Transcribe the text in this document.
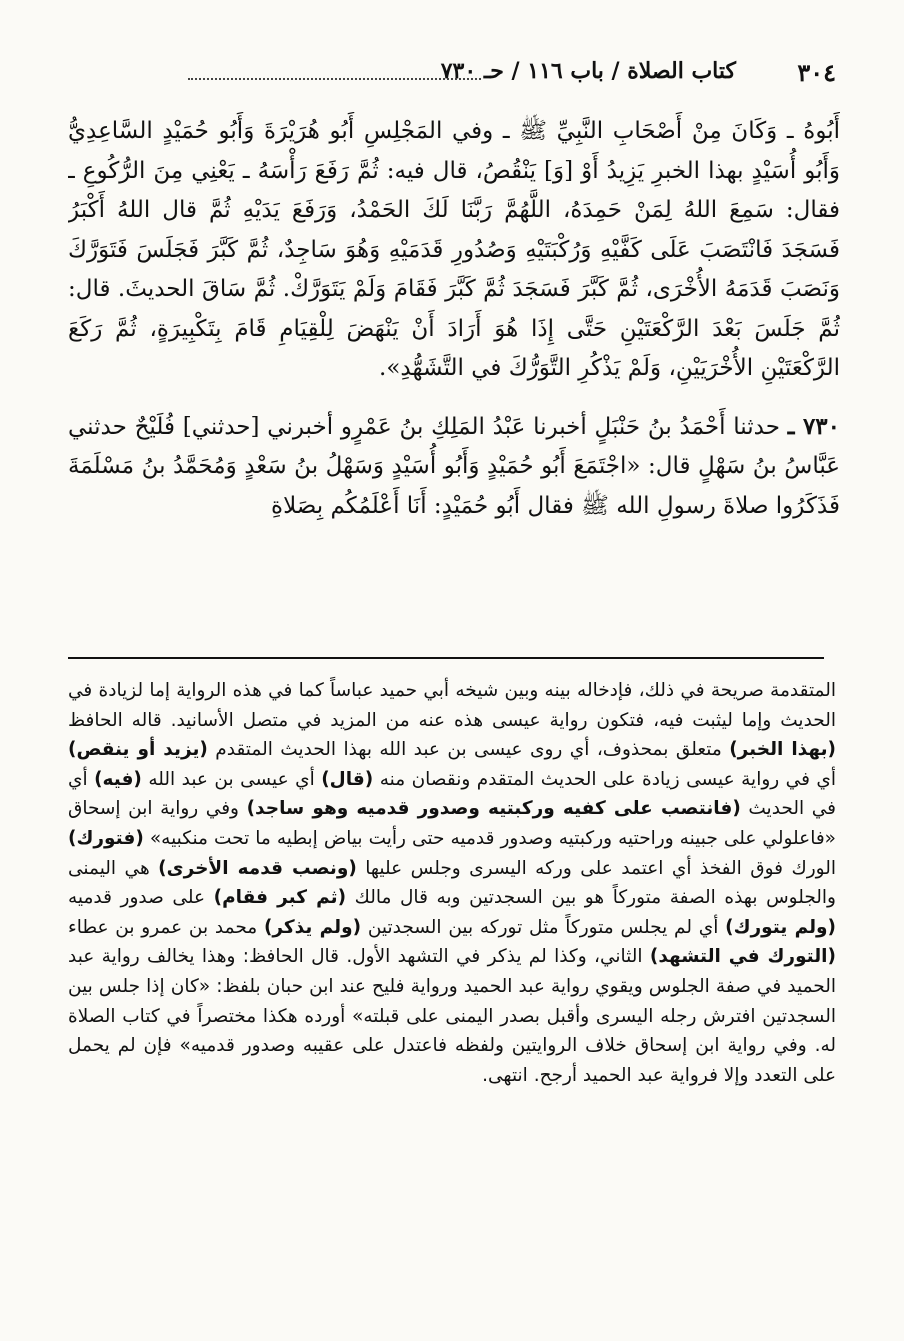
٣٠٤
كتاب الصلاة / باب ١١٦ / حـ ٧٣٠

أَبُوهُ ـ وَكَانَ مِنْ أَصْحَابِ النَّبِيِّ ﷺ ـ وفي المَجْلِسِ أَبُو هُرَيْرَةَ وَأَبُو حُمَيْدٍ السَّاعِدِيُّ وَأَبُو أُسَيْدٍ بهذا الخبرِ يَزِيدُ أَوْ [وَ] يَنْقُصُ، قال فيه: ثُمَّ رَفَعَ رَأْسَهُ ـ يَعْنِي مِنَ الرُّكُوعِ ـ فقال: سَمِعَ اللهُ لِمَنْ حَمِدَهُ، اللَّهُمَّ رَبَّنَا لَكَ الحَمْدُ، وَرَفَعَ يَدَيْهِ ثُمَّ قال اللهُ أَكْبَرُ فَسَجَدَ فَانْتَصَبَ عَلَى كَفَّيْهِ وَرُكْبَتَيْهِ وَصُدُورِ قَدَمَيْهِ وَهُوَ سَاجِدٌ، ثُمَّ كَبَّرَ فَجَلَسَ فَتَوَرَّكَ وَنَصَبَ قَدَمَهُ الأُخْرَى، ثُمَّ كَبَّرَ فَسَجَدَ ثُمَّ كَبَّرَ فَقَامَ وَلَمْ يَتَوَرَّكْ. ثُمَّ سَاقَ الحديثَ. قال: ثُمَّ جَلَسَ بَعْدَ الرَّكْعَتَيْنِ حَتَّى إِذَا هُوَ أَرَادَ أَنْ يَنْهَضَ لِلْقِيَامِ قَامَ بِتَكْبِيرَةٍ، ثُمَّ رَكَعَ الرَّكْعَتَيْنِ الأُخْرَيَيْنِ، وَلَمْ يَذْكُرِ التَّوَرُّكَ في التَّشَهُّدِ».

٧٣٠ ـ حدثنا أَحْمَدُ بنُ حَنْبَلٍ أخبرنا عَبْدُ المَلِكِ بنُ عَمْرٍو أخبرني [حدثني] فُلَيْحٌ حدثني عَبَّاسُ بنُ سَهْلٍ قال: «اجْتَمَعَ أَبُو حُمَيْدٍ وَأَبُو أُسَيْدٍ وَسَهْلُ بنُ سَعْدٍ وَمُحَمَّدُ بنُ مَسْلَمَةَ فَذَكَرُوا صلاةَ رسولِ الله ﷺ فقال أَبُو حُمَيْدٍ: أَنَا أَعْلَمُكُم بِصَلاةِ

المتقدمة صريحة في ذلك، فإدخاله بينه وبين شيخه أبي حميد عباساً كما في هذه الرواية إما لزيادة في الحديث وإما ليثبت فيه، فتكون رواية عيسى هذه عنه من المزيد في متصل الأسانيد. قاله الحافظ (بهذا الخبر) متعلق بمحذوف، أي روى عيسى بن عبد الله بهذا الحديث المتقدم (يزيد أو ينقص) أي في رواية عيسى زيادة على الحديث المتقدم ونقصان منه (قال) أي عيسى بن عبد الله (فيه) أي في الحديث (فانتصب على كفيه وركبتيه وصدور قدميه وهو ساجد) وفي رواية ابن إسحاق «فاعلولي على جبينه وراحتيه وركبتيه وصدور قدميه حتى رأيت بياض إبطيه ما تحت منكبيه» (فتورك) الورك فوق الفخذ أي اعتمد على وركه اليسرى وجلس عليها (ونصب قدمه الأخرى) هي اليمنى والجلوس بهذه الصفة متوركاً هو بين السجدتين وبه قال مالك (ثم كبر فقام) على صدور قدميه (ولم يتورك) أي لم يجلس متوركاً مثل توركه بين السجدتين (ولم يذكر) محمد بن عمرو بن عطاء (التورك في التشهد) الثاني، وكذا لم يذكر في التشهد الأول. قال الحافظ: وهذا يخالف رواية عبد الحميد في صفة الجلوس ويقوي رواية عبد الحميد ورواية فليح عند ابن حبان بلفظ: «كان إذا جلس بين السجدتين افترش رجله اليسرى وأقبل بصدر اليمنى على قبلته» أورده هكذا مختصراً في كتاب الصلاة له. وفي رواية ابن إسحاق خلاف الروايتين ولفظه فاعتدل على عقيبه وصدور قدميه» فإن لم يحمل على التعدد وإلا فرواية عبد الحميد أرجح. انتهى.
